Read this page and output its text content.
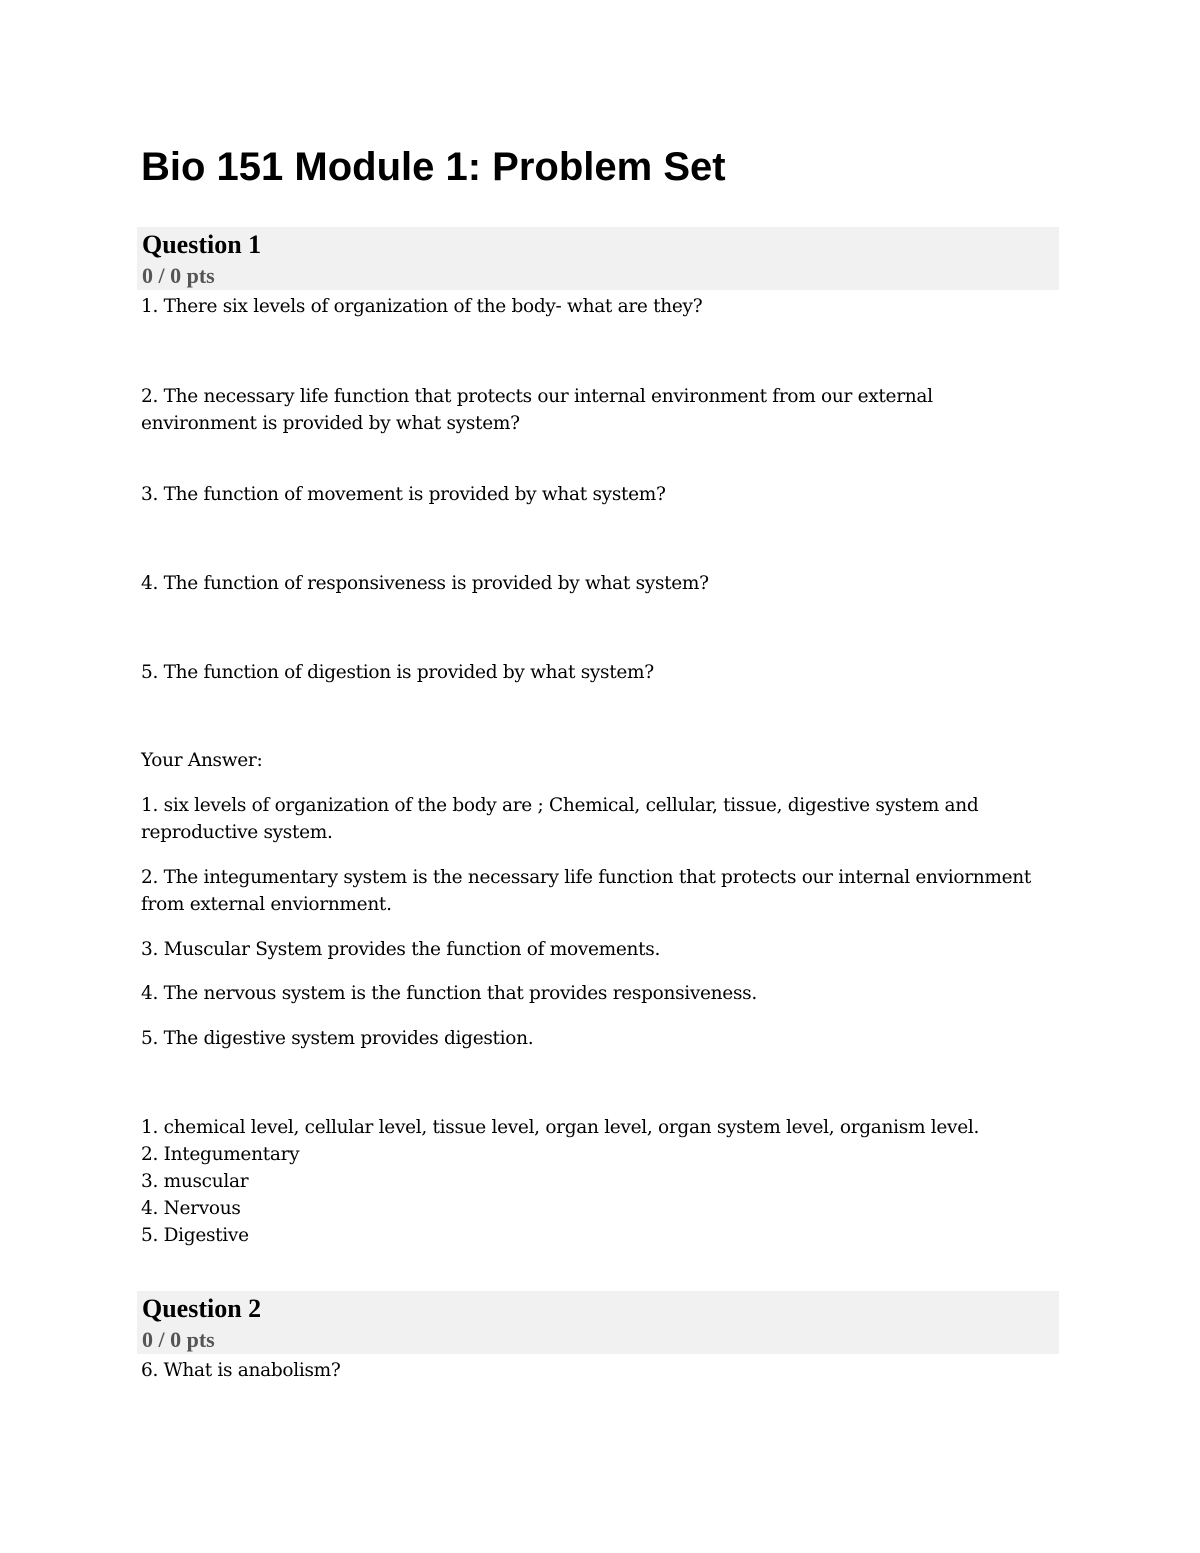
Bio 151 Module 1: Problem Set
Question 1
0 / 0 pts
1. There six levels of organization of the body- what are they?
2. The necessary life function that protects our internal environment from our external
environment is provided by what system?
3. The function of movement is provided by what system?
4. The function of responsiveness is provided by what system?
5. The function of digestion is provided by what system?
Your Answer:
1. six levels of organization of the body are ; Chemical, cellular, tissue, digestive system and
reproductive system.
2. The integumentary system is the necessary life function that protects our internal enviornment
from external enviornment.
3. Muscular System provides the function of movements.
4. The nervous system is the function that provides responsiveness.
5. The digestive system provides digestion.
1. chemical level, cellular level, tissue level, organ level, organ system level, organism level.
2. Integumentary
3. muscular
4. Nervous
5. Digestive
Question 2
0 / 0 pts
6. What is anabolism?
